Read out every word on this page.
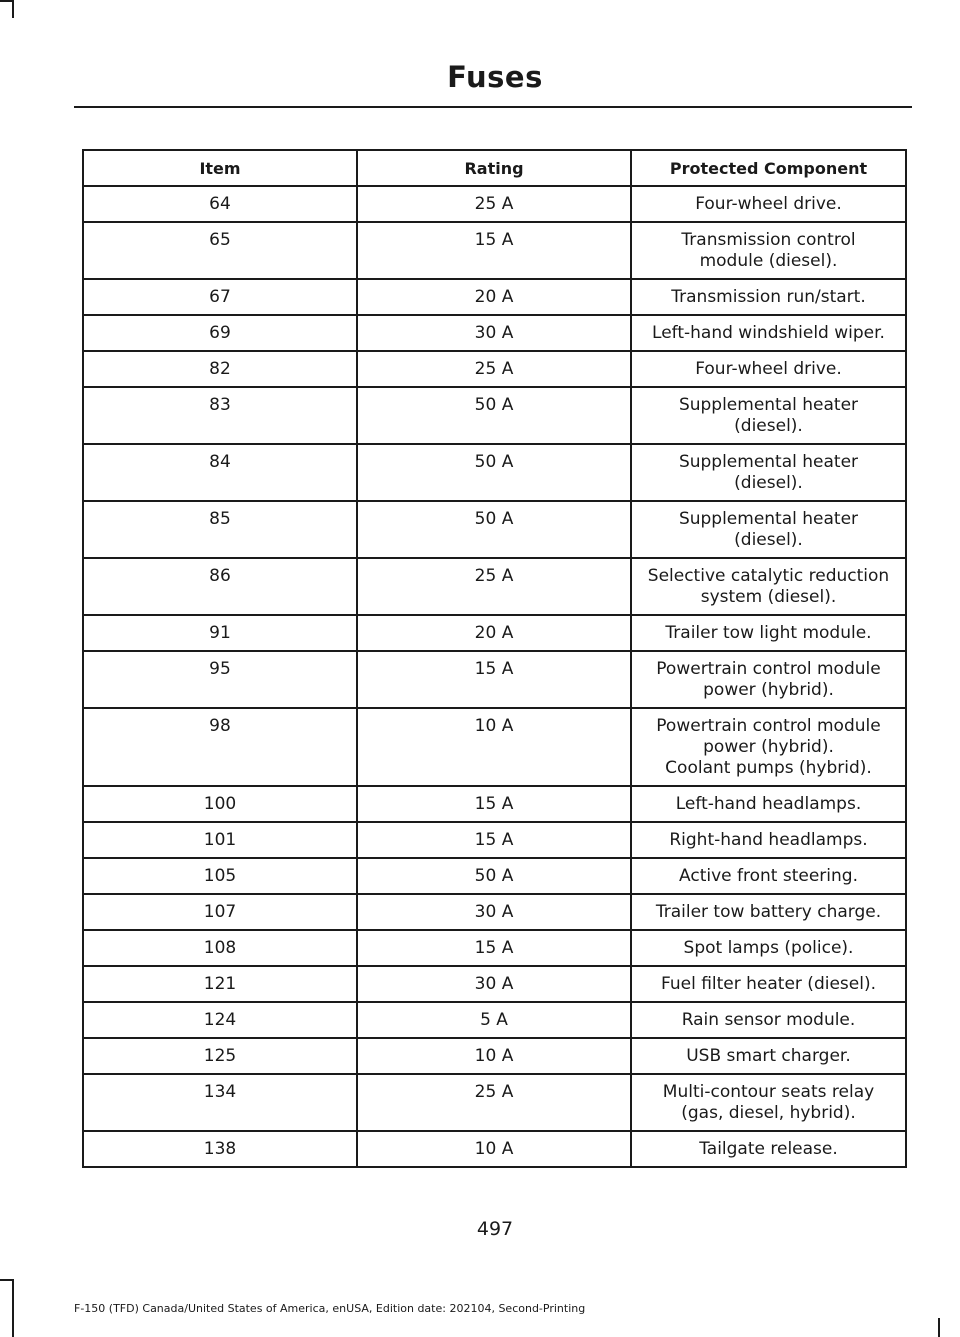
Fuses
Item	Rating	Protected Component
64	25 A	Four-wheel drive.
65	15 A	Transmission control
module (diesel).
67	20 A	Transmission run/start.
69	30 A	Left-hand windshield wiper.
82	25 A	Four-wheel drive.
83	50 A	Supplemental heater
(diesel).
84	50 A	Supplemental heater
(diesel).
85	50 A	Supplemental heater
(diesel).
86	25 A	Selective catalytic reduction
system (diesel).
91	20 A	Trailer tow light module.
95	15 A	Powertrain control module
power (hybrid).
98	10 A	Powertrain control module
power (hybrid).
Coolant pumps (hybrid).
100	15 A	Left-hand headlamps.
101	15 A	Right-hand headlamps.
105	50 A	Active front steering.
107	30 A	Trailer tow battery charge.
108	15 A	Spot lamps (police).
121	30 A	Fuel filter heater (diesel).
124	5 A	Rain sensor module.
125	10 A	USB smart charger.
134	25 A	Multi-contour seats relay
(gas, diesel, hybrid).
138	10 A	Tailgate release.
497
F-150 (TFD) Canada/United States of America, enUSA, Edition date: 202104, Second-Printing
